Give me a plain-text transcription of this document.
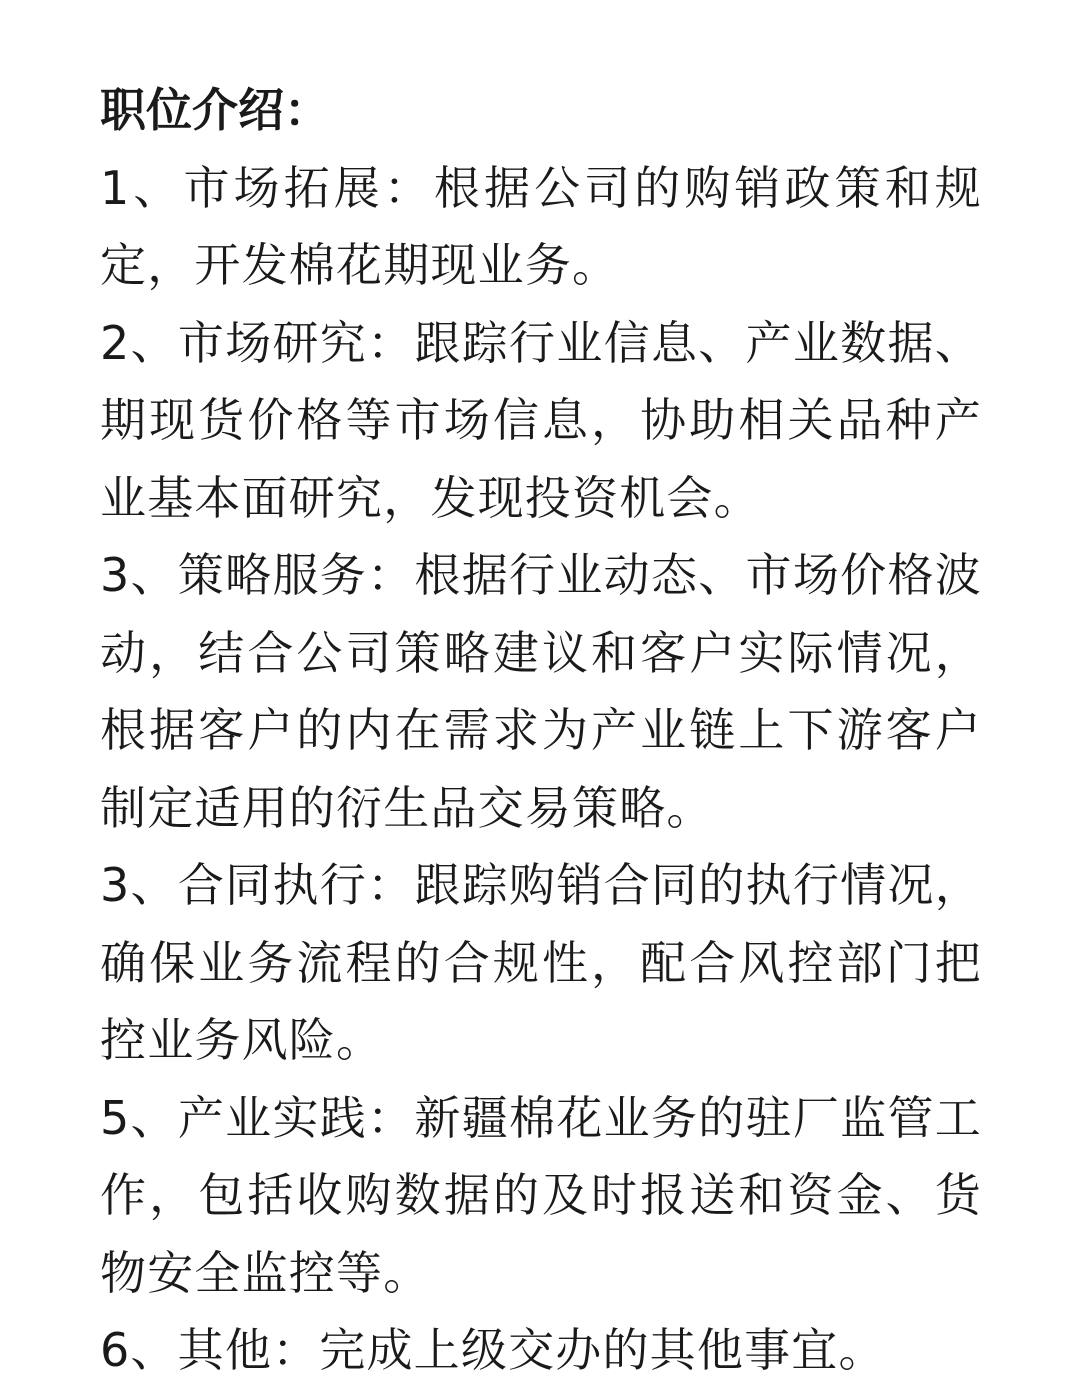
职位介绍：

1、市场拓展：根据公司的购销政策和规定，开发棉花期现业务。

2、市场研究：跟踪行业信息、产业数据、期现货价格等市场信息，协助相关品种产业基本面研究，发现投资机会。

3、策略服务：根据行业动态、市场价格波动，结合公司策略建议和客户实际情况，根据客户的内在需求为产业链上下游客户制定适用的衍生品交易策略。

3、合同执行：跟踪购销合同的执行情况，确保业务流程的合规性，配合风控部门把控业务风险。

5、产业实践：新疆棉花业务的驻厂监管工作，包括收购数据的及时报送和资金、货物安全监控等。

6、其他：完成上级交办的其他事宜。
